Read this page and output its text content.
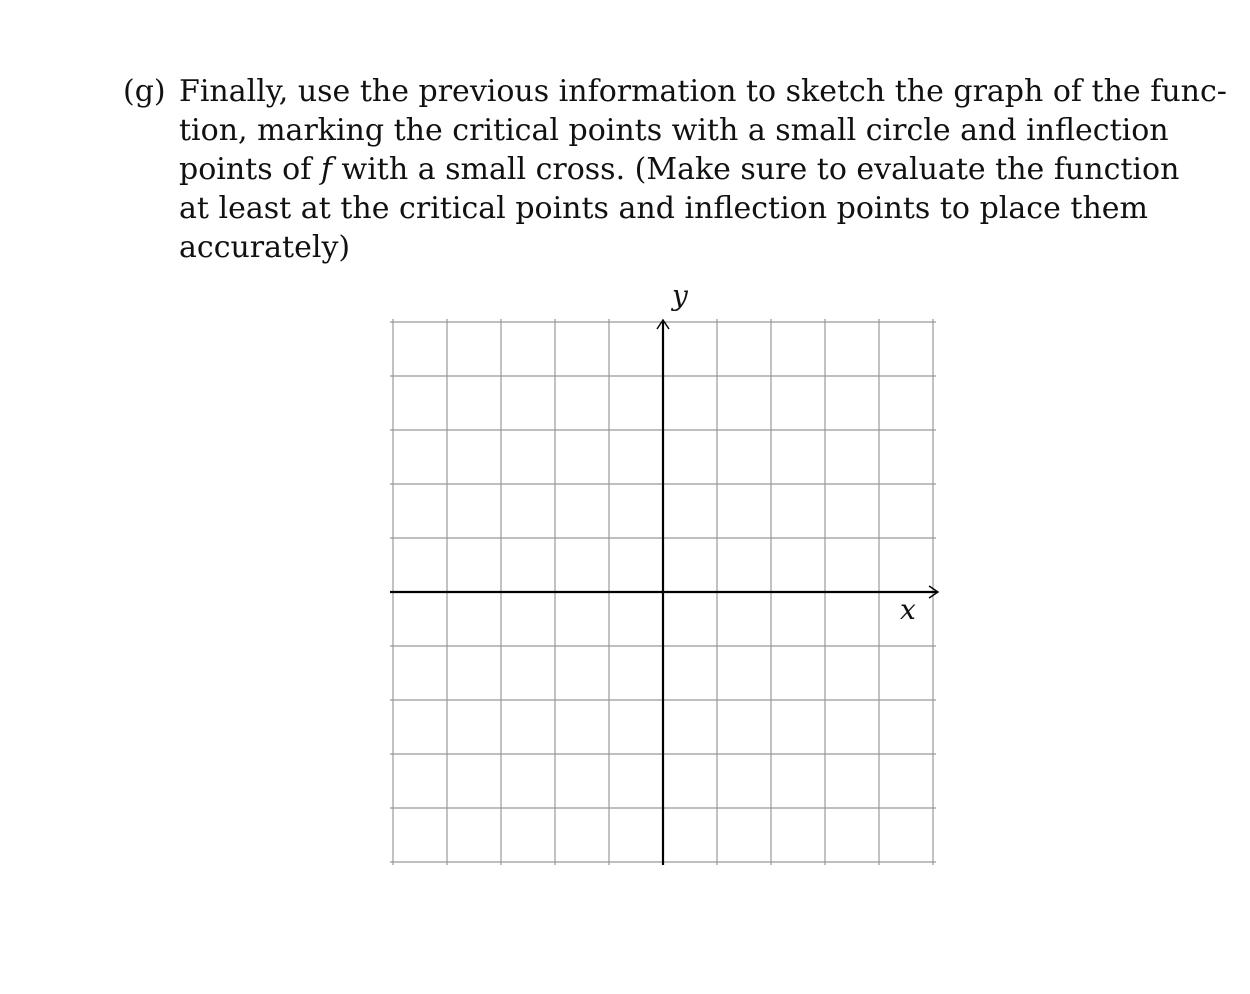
(g) Finally, use the previous information to sketch the graph of the func-
tion, marking the critical points with a small circle and inflection
points of f with a small cross. (Make sure to evaluate the function
at least at the critical points and inflection points to place them
accurately)
y
x
